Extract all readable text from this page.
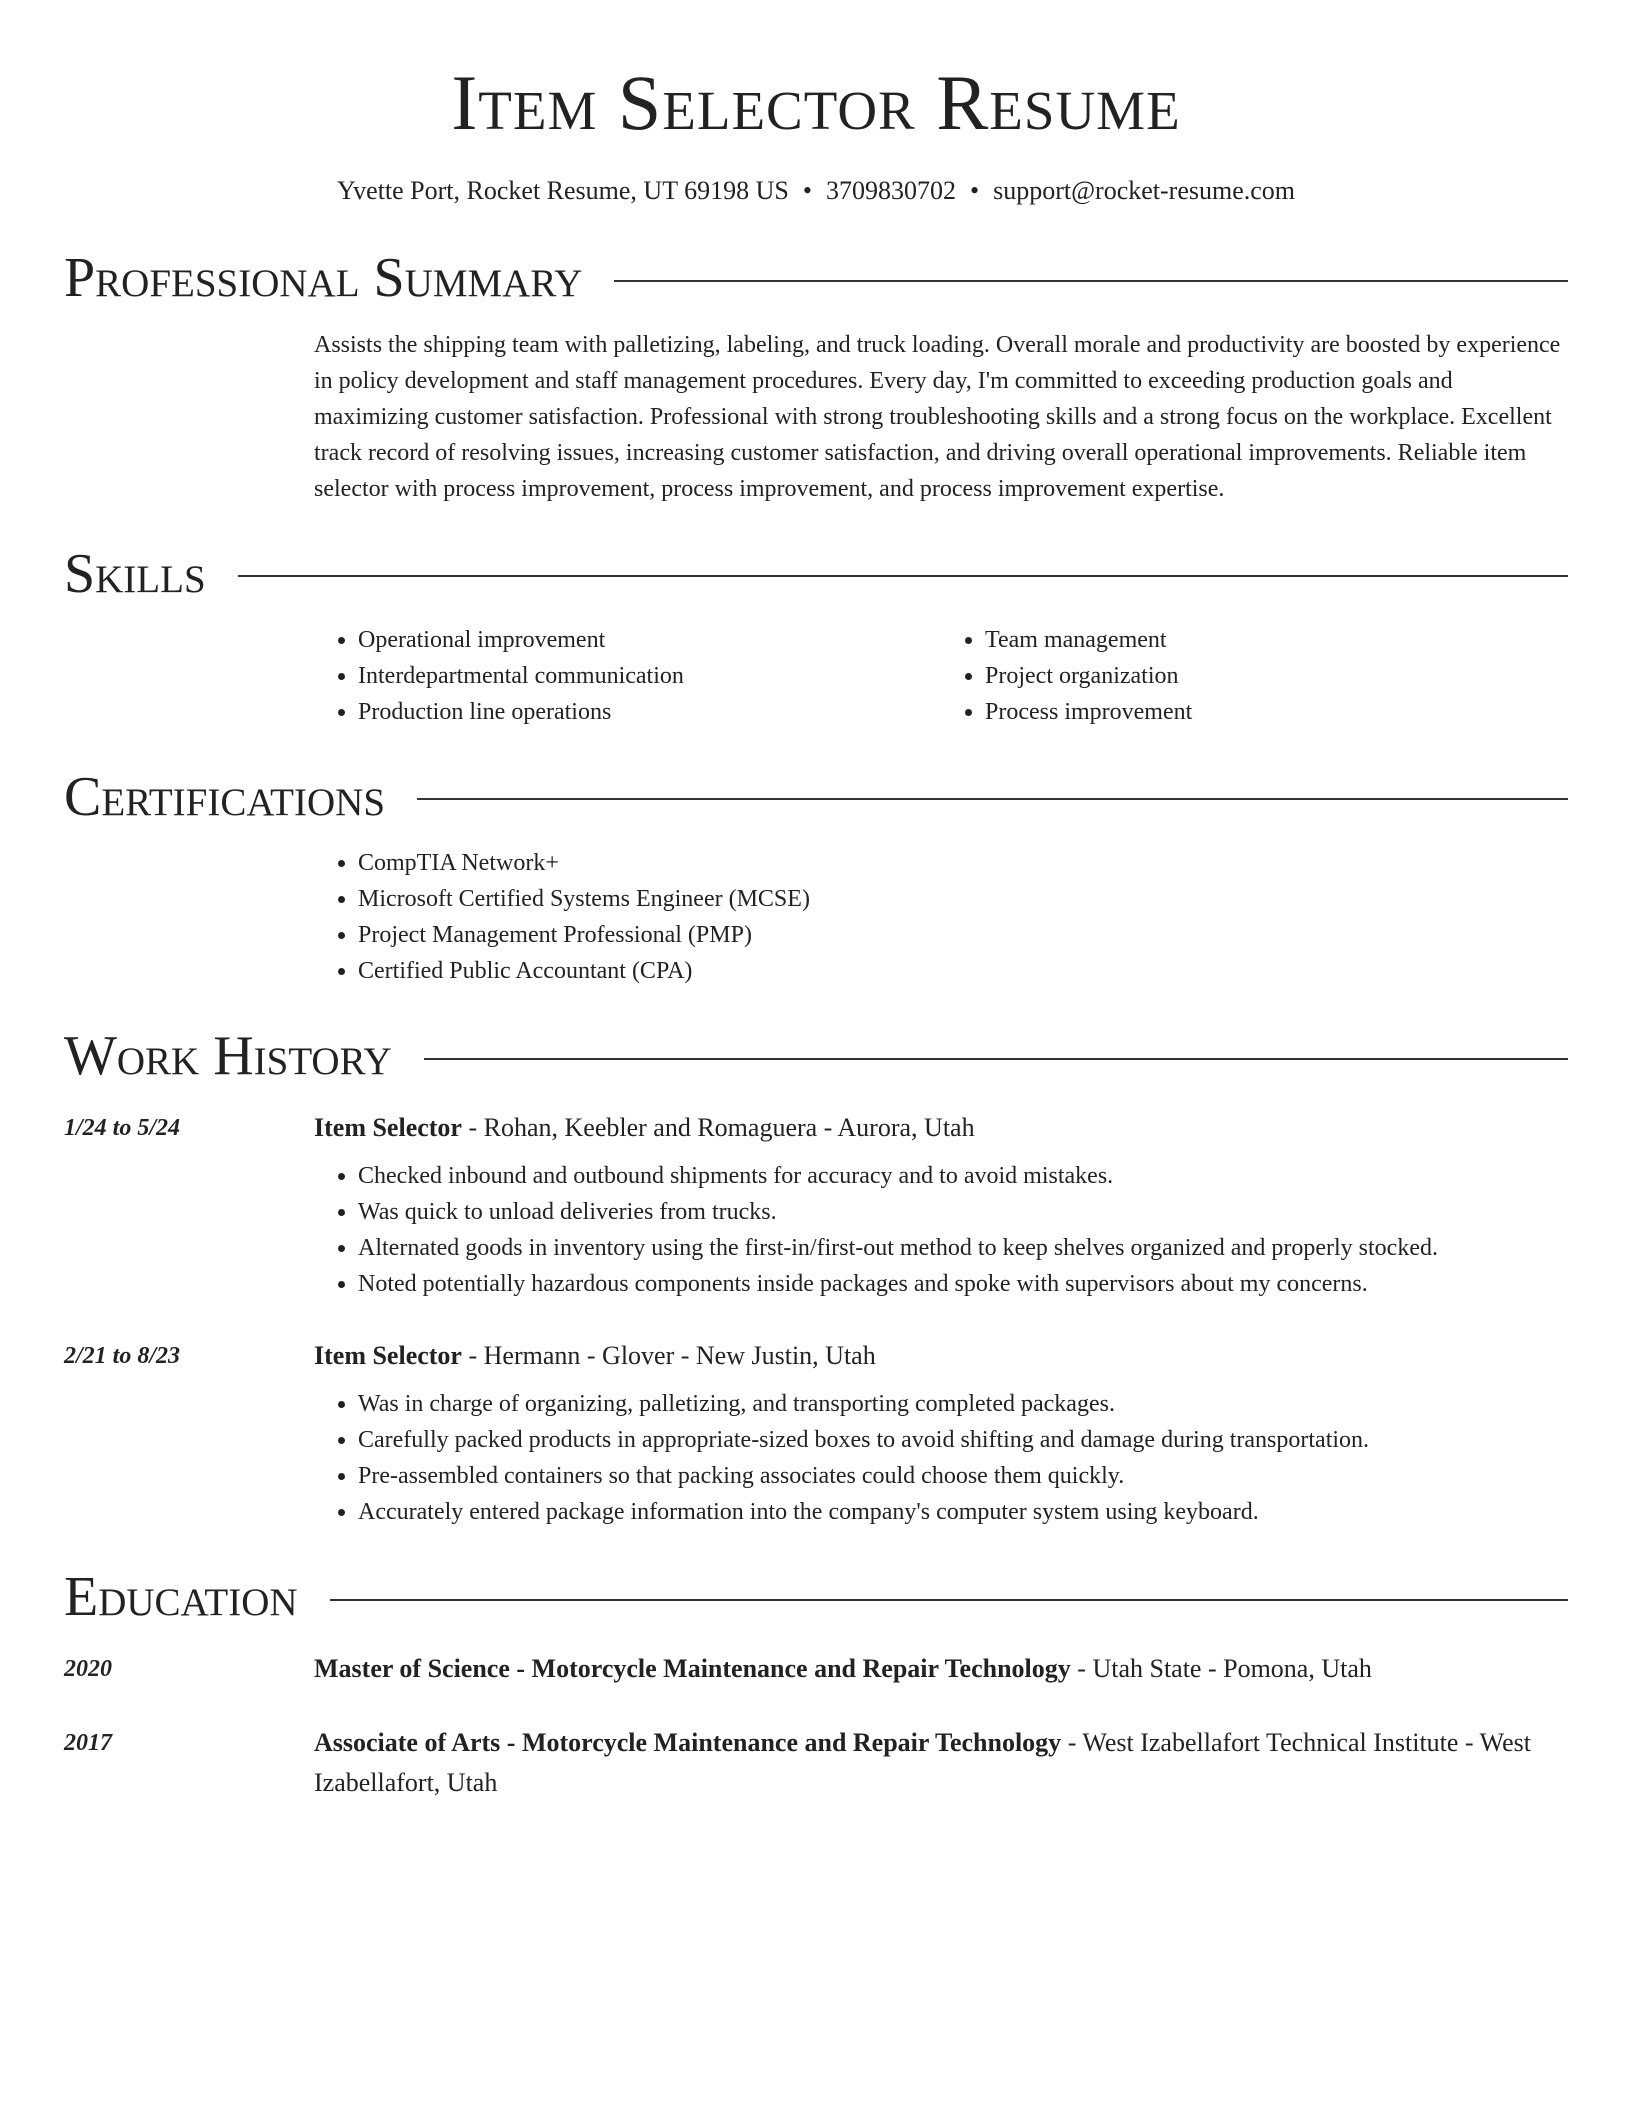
Item Selector Resume
Yvette Port, Rocket Resume, UT 69198 US • 3709830702 • support@rocket-resume.com
Professional Summary

Assists the shipping team with palletizing, labeling, and truck loading. Overall morale and productivity are boosted by experience in policy development and staff management procedures. Every day, I'm committed to exceeding production goals and maximizing customer satisfaction. Professional with strong troubleshooting skills and a strong focus on the workplace. Excellent track record of resolving issues, increasing customer satisfaction, and driving overall operational improvements. Reliable item selector with process improvement, process improvement, and process improvement expertise.

Skills
• Operational improvement
• Interdepartmental communication
• Production line operations
• Team management
• Project organization
• Process improvement
Certifications
• CompTIA Network+
• Microsoft Certified Systems Engineer (MCSE)
• Project Management Professional (PMP)
• Certified Public Accountant (CPA)
Work History
1/24 to 5/24	Item Selector - Rohan, Keebler and Romaguera - Aurora, Utah
• Checked inbound and outbound shipments for accuracy and to avoid mistakes.
• Was quick to unload deliveries from trucks.
• Alternated goods in inventory using the first-in/first-out method to keep shelves organized and properly stocked.
• Noted potentially hazardous components inside packages and spoke with supervisors about my concerns.
2/21 to 8/23	Item Selector - Hermann - Glover - New Justin, Utah
• Was in charge of organizing, palletizing, and transporting completed packages.
• Carefully packed products in appropriate-sized boxes to avoid shifting and damage during transportation.
• Pre-assembled containers so that packing associates could choose them quickly.
• Accurately entered package information into the company's computer system using keyboard.
Education
2020	Master of Science - Motorcycle Maintenance and Repair Technology - Utah State - Pomona, Utah
2017	Associate of Arts - Motorcycle Maintenance and Repair Technology - West Izabellafort Technical Institute - West Izabellafort, Utah
